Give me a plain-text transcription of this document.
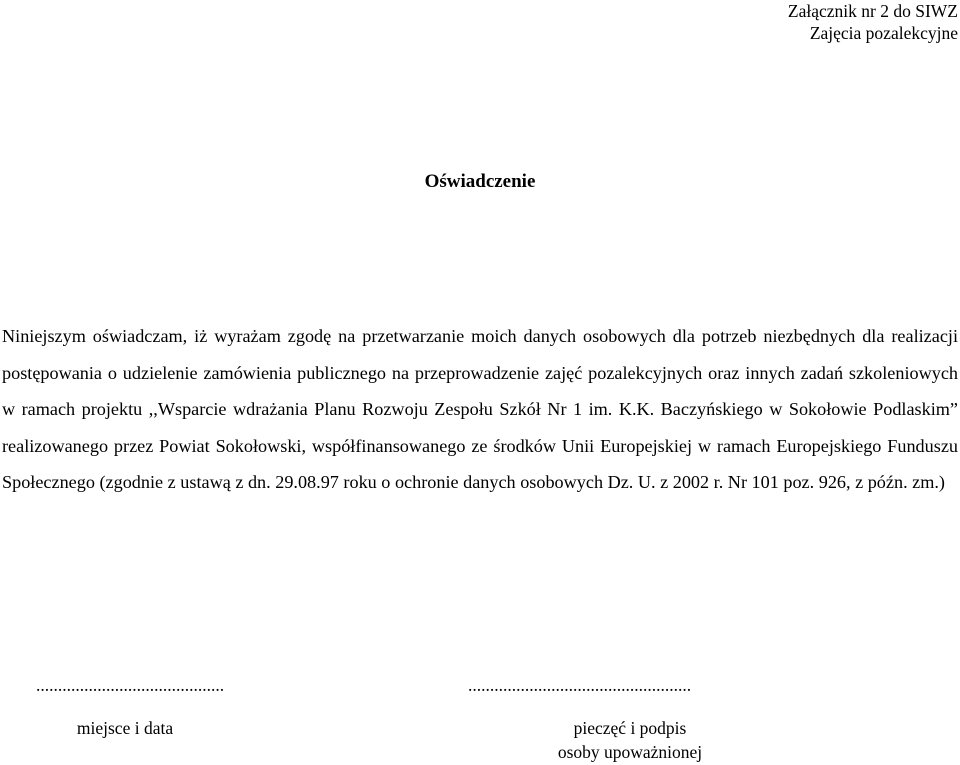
Załącznik nr 2 do SIWZ
Zajęcia pozalekcyjne
Oświadczenie
Niniejszym oświadczam, iż wyrażam zgodę na przetwarzanie moich danych osobowych dla potrzeb niezbędnych dla realizacji postępowania o udzielenie zamówienia publicznego na przeprowadzenie zajęć pozalekcyjnych oraz innych zadań szkoleniowych w ramach projektu ,,Wsparcie wdrażania Planu Rozwoju Zespołu Szkół Nr 1 im. K.K. Baczyńskiego w Sokołowie Podlaskim” realizowanego przez Powiat Sokołowski, współfinansowanego ze środków Unii Europejskiej w ramach Europejskiego Funduszu Społecznego (zgodnie z ustawą z dn. 29.08.97 roku o ochronie danych osobowych Dz. U. z 2002 r. Nr 101 poz. 926, z późn. zm.)
...........................................	...................................................
miejsce i data	pieczęć i podpis
osoby upoważnionej
